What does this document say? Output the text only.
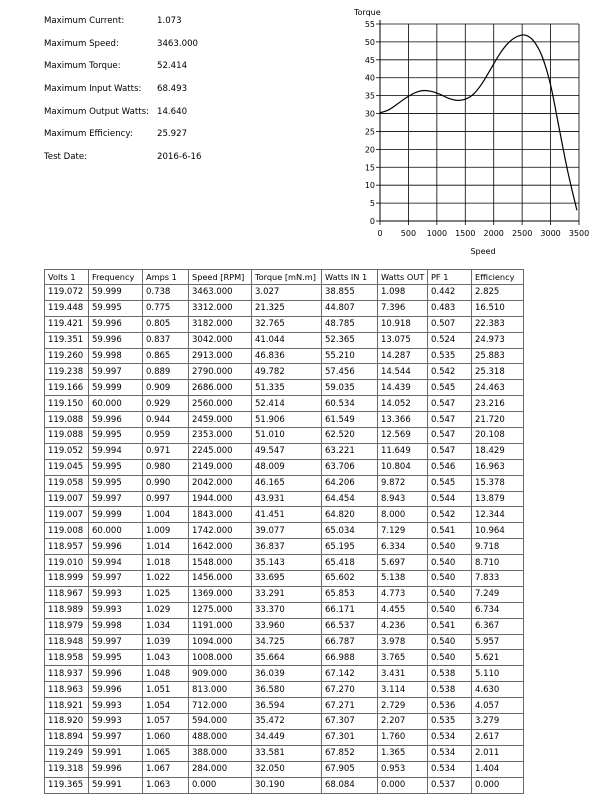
Maximum Current:	1.073
Maximum Speed:	3463.000
Maximum Torque:	52.414
Maximum Input Watts: 68.493
Maximum Output Watts: 14.640
Maximum Efficiency:	25.927
Test Date:	2016-6-16
Torque
0
5
10
15
20
25
30
35
40
45
50
55
0 500 1000 1500 2000 2500 3000 3500
Speed
Volts 1	Frequency	Amps 1	Speed [RPM]	Torque [mN.m]	Watts IN 1	Watts OUT	PF 1	Efficiency
119.072	59.999	0.738	3463.000	3.027	38.855	1.098	0.442	2.825
119.448	59.995	0.775	3312.000	21.325	44.807	7.396	0.483	16.510
119.421	59.996	0.805	3182.000	32.765	48.785	10.918	0.507	22.383
119.351	59.996	0.837	3042.000	41.044	52.365	13.075	0.524	24.973
119.260	59.998	0.865	2913.000	46.836	55.210	14.287	0.535	25.883
119.238	59.997	0.889	2790.000	49.782	57.456	14.544	0.542	25.318
119.166	59.999	0.909	2686.000	51.335	59.035	14.439	0.545	24.463
119.150	60.000	0.929	2560.000	52.414	60.534	14.052	0.547	23.216
119.088	59.996	0.944	2459.000	51.906	61.549	13.366	0.547	21.720
119.088	59.995	0.959	2353.000	51.010	62.520	12.569	0.547	20.108
119.052	59.994	0.971	2245.000	49.547	63.221	11.649	0.547	18.429
119.045	59.995	0.980	2149.000	48.009	63.706	10.804	0.546	16.963
119.058	59.995	0.990	2042.000	46.165	64.206	9.872	0.545	15.378
119.007	59.997	0.997	1944.000	43.931	64.454	8.943	0.544	13.879
119.007	59.999	1.004	1843.000	41.451	64.820	8.000	0.542	12.344
119.008	60.000	1.009	1742.000	39.077	65.034	7.129	0.541	10.964
118.957	59.996	1.014	1642.000	36.837	65.195	6.334	0.540	9.718
119.010	59.994	1.018	1548.000	35.143	65.418	5.697	0.540	8.710
118.999	59.997	1.022	1456.000	33.695	65.602	5.138	0.540	7.833
118.967	59.993	1.025	1369.000	33.291	65.853	4.773	0.540	7.249
118.989	59.993	1.029	1275.000	33.370	66.171	4.455	0.540	6.734
118.979	59.998	1.034	1191.000	33.960	66.537	4.236	0.541	6.367
118.948	59.997	1.039	1094.000	34.725	66.787	3.978	0.540	5.957
118.958	59.995	1.043	1008.000	35.664	66.988	3.765	0.540	5.621
118.937	59.996	1.048	909.000	36.039	67.142	3.431	0.538	5.110
118.963	59.996	1.051	813.000	36.580	67.270	3.114	0.538	4.630
118.921	59.993	1.054	712.000	36.594	67.271	2.729	0.536	4.057
118.920	59.993	1.057	594.000	35.472	67.307	2.207	0.535	3.279
118.894	59.997	1.060	488.000	34.449	67.301	1.760	0.534	2.617
119.249	59.991	1.065	388.000	33.581	67.852	1.365	0.534	2.011
119.318	59.996	1.067	284.000	32.050	67.905	0.953	0.534	1.404
119.365	59.991	1.063	0.000	30.190	68.084	0.000	0.537	0.000
